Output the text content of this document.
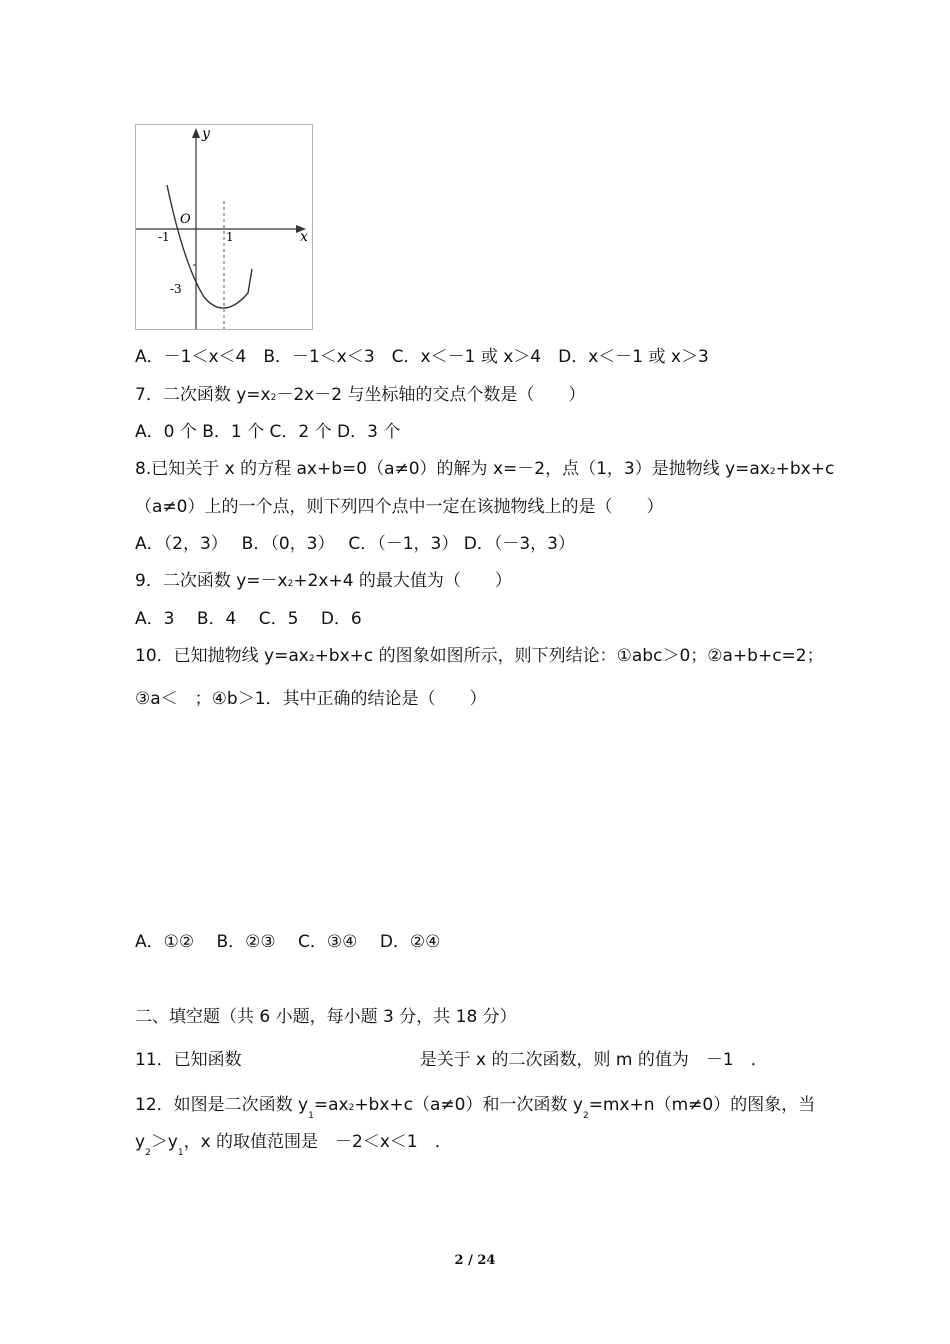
y
x
O
-1	1
-3
A．－1＜x＜4　B．－1＜x＜3　C．x＜－1 或 x＞4　D．x＜－1 或 x＞3
7．二次函数 y=x2－2x－2 与坐标轴的交点个数是（　　）
A．0 个 B．1 个 C．2 个 D．3 个
8.已知关于 x 的方程 ax+b=0（a≠0）的解为 x=－2，点（1，3）是抛物线 y=ax2+bx+c
（a≠0）上的一个点，则下列四个点中一定在该抛物线上的是（　　）
A．（2，3）　 B．（0，3）　 C．（－1，3） D．（－3，3）
9．二次函数 y=－x2+2x+4 的最大值为（　　）
A．3　 B．4　 C．5　 D．6
10．已知抛物线 y=ax2+bx+c 的图象如图所示，则下列结论：①abc＞0；②a+b+c=2；
③a＜　；④b＞1．其中正确的结论是（　　）
A．①②　 B．②③　 C．③④　 D．②④
二、填空题（共 6 小题，每小题 3 分，共 18 分）
11．已知函数	是关于 x 的二次函数，则 m 的值为　－1　．
12．如图是二次函数 $y_1=ax2+bx+c(a\ne 0)$和一次函数 $y_2=mx+n(m\ne 0)$的图象，当
$y_2>y_1$，x 的取值范围是　－2＜x＜1　．
2 / 24
